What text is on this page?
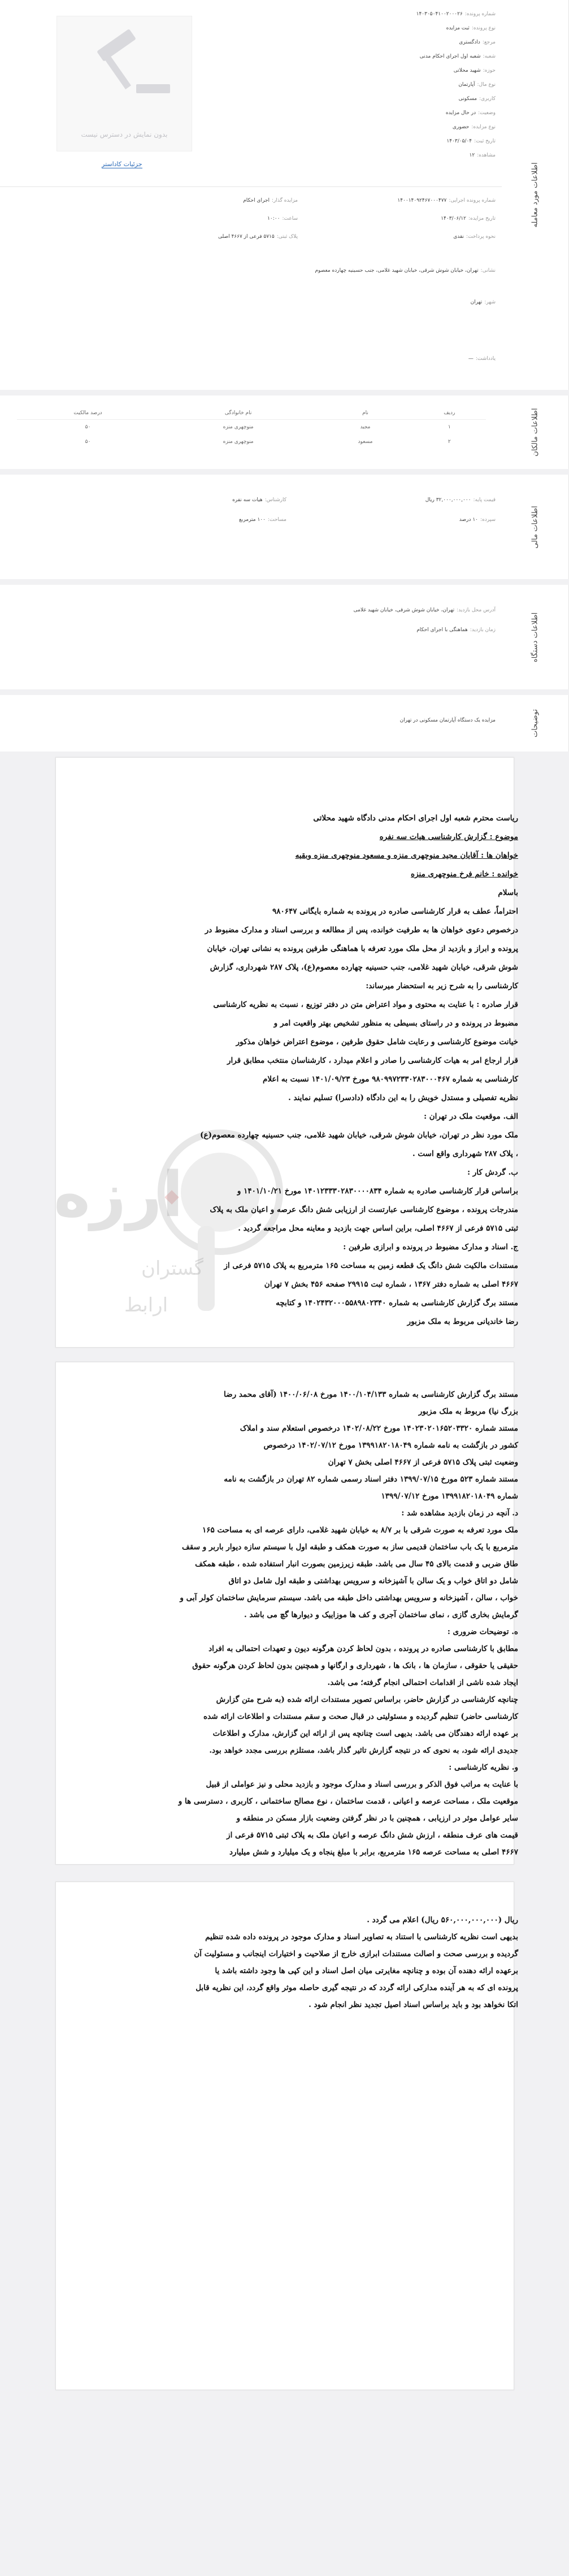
اطلاعات مورد معامله
بدون نمایش در دسترس نیست
جزئیات کاداستر
شماره پرونده:۱۴۰۳۰۵۰۴۱۰۰۲۰۰۰۲۶
نوع پرونده:ثبت مزایده
مرجع:دادگستری
شعبه:شعبه اول اجرای احکام مدنی
حوزه:شهید محلاتی
نوع مال:آپارتمان
کاربری:مسکونی
وضعیت:در حال مزایده
نوع مزایده:حضوری
تاریخ ثبت:۱۴۰۳/۰۵/۰۴
مشاهده:۱۲
شماره پرونده اجرایی:۱۴۰۰۱۴۰۹۲۴۶۷۰۰۰۴۷۷
مزایده گذار:اجرای احکام
تاریخ مزایده:۱۴۰۳/۰۶/۱۲
ساعت:۱۰:۰۰
نحوه پرداخت:نقدی
پلاک ثبتی:۵۷۱۵ فرعی از ۴۶۶۷ اصلی
نشانی:تهران، خیابان شوش شرقی، خیابان شهید غلامی، جنب حسینیه چهارده معصوم
شهر:تهران
یادداشت:—
اطلاعات مالکان
ردیف	نام	نام خانوادگی	درصد مالکیت
۱	مجید	منوچهری منزه	۵۰
۲	مسعود	منوچهری منزه	۵۰
اطلاعات مالی
قیمت پایه:۳۲,۰۰۰,۰۰۰,۰۰۰ ریال
سپرده:۱۰ درصد
کارشناس:هیات سه نفره
مساحت:۱۰۰ مترمربع
اطلاعات دستگاه
آدرس محل بازدید:تهران، خیابان شوش شرقی، خیابان شهید غلامی
زمان بازدید:هماهنگی با اجرای احکام
توضیحات
مزایده یک دستگاه آپارتمان مسکونی در تهران
ارزه
گستران
ارابط
ریاست محترم شعبه اول اجرای احکام مدنی دادگاه شهید محلاتی
موضوع : گزارش کارشناسی هیات سه نفره
خواهان ها : آقایان مجید منوچهری منزه و مسعود منوچهری منزه وبقیه
خوانده : خانم فرخ منوچهری منزه
باسلام
احتراماً، عطف به قرار کارشناسی صادره در پرونده به شماره بایگانی ۹۸۰۶۴۷
درخصوص دعوی خواهان ها به طرفیت خوانده، پس از مطالعه و بررسی اسناد و مدارک مضبوط در
پرونده و ابراز و بازدید از محل ملک مورد تعرفه با هماهنگی طرفین پرونده به نشانی تهران، خیابان
شوش شرقی، خیابان شهید غلامی، جنب حسینیه چهارده معصوم(ع)، پلاک ۲۸۷ شهرداری، گزارش
کارشناسی را به شرح زیر به استحضار میرساند:
قرار صادره : با عنایت به محتوی و مواد اعتراض متن در دفتر توزیع ، نسبت به نظریه کارشناسی
مضبوط در پرونده و در راستای بسیطی به منظور تشخیص بهتر واقعیت امر و
خیانت موضوع کارشناسی و رعایت شامل حقوق طرفین ، موضوع اعتراض خواهان مذکور
قرار ارجاع امر به هیات کارشناسی را صادر و اعلام میدارد ، کارشناسان منتخب مطابق قرار
کارشناسی به شماره ۹۸۰۹۹۷۲۳۳۰۲۸۳۰۰۰۴۶۷ مورخ ۱۴۰۱/۰۹/۲۳ نسبت به اعلام
نظریه تفصیلی و مستدل خویش را به این دادگاه (دادسرا) تسلیم نمایند .
الف. موقعیت ملک در تهران :
ملک مورد نظر در تهران، خیابان شوش شرقی، خیابان شهید غلامی، جنب حسینیه چهارده معصوم(ع)
، پلاک ۲۸۷ شهرداری واقع است .
ب. گردش کار :
براساس قرار کارشناسی صادره به شماره ۱۴۰۱۲۳۳۳۰۲۸۳۰۰۰۰۸۳۴ مورخ ۱۴۰۱/۱۰/۲۱ و
مندرجات پرونده ، موضوع کارشناسی عبارتست از ارزیابی شش دانگ عرصه و اعیان ملک به پلاک
ثبتی ۵۷۱۵ فرعی از ۴۶۶۷ اصلی، براین اساس جهت بازدید و معاینه محل مراجعه گردید .
ج. اسناد و مدارک مضبوط در پرونده و ابرازی طرفین :
مستندات مالکیت شش دانگ یک قطعه زمین به مساحت ۱۶۵ مترمربع به پلاک ۵۷۱۵ فرعی از
۴۶۶۷ اصلی به شماره دفتر ۱۳۶۷ ، شماره ثبت ۲۹۹۱۵ صفحه ۴۵۶ بخش ۷ تهران
مستند برگ گزارش کارشناسی به شماره ۱۴۰۲۴۳۲۰۰۰۵۵۸۹۸۰۲۳۴۰ و کتابچه
رضا خاندیانی مربوط به ملک مزبور
مستند برگ گزارش کارشناسی به شماره ۱۴۰۰/۱۰۴/۱۳۳ مورخ ۱۴۰۰/۰۶/۰۸ (آقای محمد رضا
بزرگ نیا) مربوط به ملک مزبور
مستند شماره ۱۴۰۲۳۰۲۰۱۶۵۲۰۳۳۲۰ مورخ ۱۴۰۲/۰۸/۲۲ درخصوص استعلام سند و املاک
کشور در بازگشت به نامه شماره ۱۳۹۹۱۸۲۰۱۸۰۴۹ مورخ ۱۴۰۲/۰۷/۱۲ درخصوص
وضعیت ثبتی پلاک ۵۷۱۵ فرعی از ۴۶۶۷ اصلی بخش ۷ تهران
مستند شماره ۵۲۳ مورخ ۱۳۹۹/۰۷/۱۵ دفتر اسناد رسمی شماره ۸۲ تهران در بازگشت به نامه
شماره ۱۳۹۹۱۸۲۰۱۸۰۴۹ مورخ ۱۳۹۹/۰۷/۱۲
د. آنچه در زمان بازدید مشاهده شد :
ملک مورد تعرفه به صورت شرقی با بر ۸/۷ به خیابان شهید غلامی، دارای عرصه ای به مساحت ۱۶۵
مترمربع با یک باب ساختمان قدیمی ساز به صورت همکف و طبقه اول با سیستم سازه دیوار باربر و سقف
طاق ضربی و قدمت بالای ۴۵ سال می باشد. طبقه زیرزمین بصورت انبار استفاده شده ، طبقه همکف
شامل دو اتاق خواب و یک سالن با آشپزخانه و سرویس بهداشتی و طبقه اول شامل دو اتاق
خواب ، سالن ، آشپزخانه و سرویس بهداشتی داخل طبقه می باشد. سیستم سرمایش ساختمان کولر آبی و
گرمایش بخاری گازی ، نمای ساختمان آجری و کف ها موزاییک و دیوارها گچ می باشد .
ه. توضیحات ضروری :
مطابق با کارشناسی صادره در پرونده ، بدون لحاظ کردن هرگونه دیون و تعهدات احتمالی به افراد
حقیقی یا حقوقی ، سازمان ها ، بانک ها ، شهرداری و ارگانها و همچنین بدون لحاظ کردن هرگونه حقوق
ایجاد شده ناشی از اقدامات احتمالی انجام گرفته؛ می باشد.
چنانچه کارشناسی در گزارش حاضر، براساس تصویر مستندات ارائه شده (به شرح متن گزارش
کارشناسی حاضر) تنظیم گردیده و مسئولیتی در قبال صحت و سقم مستندات و اطلاعات ارائه شده
بر عهده ارائه دهندگان می باشد. بدیهی است چنانچه پس از ارائه این گزارش، مدارک و اطلاعات
جدیدی ارائه شود، به نحوی که در نتیجه گزارش تاثیر گذار باشد، مستلزم بررسی مجدد خواهد بود.
و. نظریه کارشناسی :
با عنایت به مراتب فوق الذکر و بررسی اسناد و مدارک موجود و بازدید محلی و نیز عواملی از قبیل
موقعیت ملک ، مساحت عرصه و اعیانی ، قدمت ساختمان ، نوع مصالح ساختمانی ، کاربری ، دسترسی ها و
سایر عوامل موثر در ارزیابی ، همچنین با در نظر گرفتن وضعیت بازار مسکن در منطقه و
قیمت های عرف منطقه ، ارزش شش دانگ عرصه و اعیان ملک به پلاک ثبتی ۵۷۱۵ فرعی از
۴۶۶۷ اصلی به مساحت عرصه ۱۶۵ مترمربع، برابر با مبلغ پنجاه و یک میلیارد و شش میلیارد
ریال (۵۶۰,۰۰۰,۰۰۰,۰۰۰ ریال) اعلام می گردد .
بدیهی است نظریه کارشناسی با استناد به تصاویر اسناد و مدارک موجود در پرونده داده شده تنظیم
گردیده و بررسی صحت و اصالت مستندات ابرازی خارج از صلاحیت و اختیارات اینجانب و مسئولیت آن
برعهده ارائه دهنده آن بوده و چنانچه مغایرتی میان اصل اسناد و این کپی ها وجود داشته باشد یا
پرونده ای که به هر آینده مدارکی ارائه گردد که در نتیجه گیری حاصله موثر واقع گردد، این نظریه قابل
اتکا نخواهد بود و باید براساس اسناد اصیل تجدید نظر انجام شود .
